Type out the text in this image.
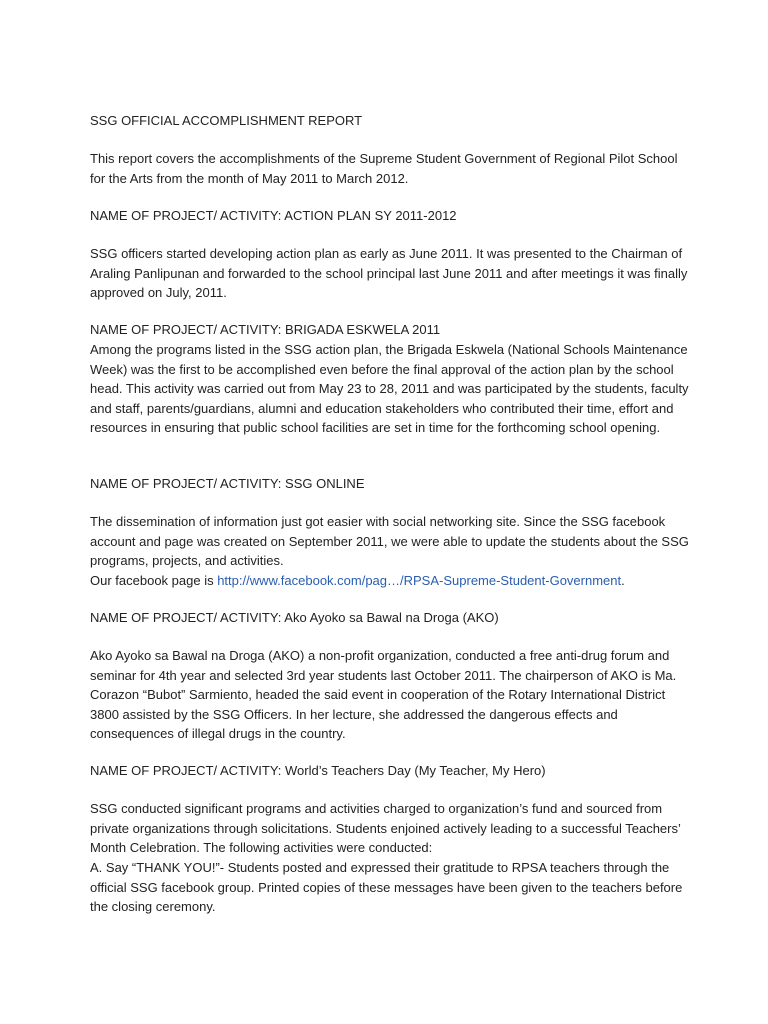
SSG OFFICIAL ACCOMPLISHMENT REPORT

This report covers the accomplishments of the Supreme Student Government of Regional Pilot School for the Arts from the month of May 2011 to March 2012.

NAME OF PROJECT/ ACTIVITY: ACTION PLAN SY 2011-2012

SSG officers started developing action plan as early as June 2011. It was presented to the Chairman of Araling Panlipunan and forwarded to the school principal last June 2011 and after meetings it was finally approved on July, 2011.

NAME OF PROJECT/ ACTIVITY: BRIGADA ESKWELA 2011

Among the programs listed in the SSG action plan, the Brigada Eskwela (National Schools Maintenance Week) was the first to be accomplished even before the final approval of the action plan by the school head. This activity was carried out from May 23 to 28, 2011 and was participated by the students, faculty and staff, parents/guardians, alumni and education stakeholders who contributed their time, effort and resources in ensuring that public school facilities are set in time for the forthcoming school opening.

NAME OF PROJECT/ ACTIVITY: SSG ONLINE

The dissemination of information just got easier with social networking site. Since the SSG facebook account and page was created on September 2011, we were able to update the students about the SSG programs, projects, and activities.

Our facebook page is http://www.facebook.com/pag…/RPSA-Supreme-Student-Government.

NAME OF PROJECT/ ACTIVITY: Ako Ayoko sa Bawal na Droga (AKO)

Ako Ayoko sa Bawal na Droga (AKO) a non-profit organization, conducted a free anti-drug forum and seminar for 4th year and selected 3rd year students last October 2011. The chairperson of AKO is Ma. Corazon “Bubot” Sarmiento, headed the said event in cooperation of the Rotary International District 3800 assisted by the SSG Officers. In her lecture, she addressed the dangerous effects and consequences of illegal drugs in the country.

NAME OF PROJECT/ ACTIVITY: World’s Teachers Day (My Teacher, My Hero)

SSG conducted significant programs and activities charged to organization’s fund and sourced from private organizations through solicitations. Students enjoined actively leading to a successful Teachers’ Month Celebration. The following activities were conducted:

A. Say “THANK YOU!”- Students posted and expressed their gratitude to RPSA teachers through the official SSG facebook group. Printed copies of these messages have been given to the teachers before the closing ceremony.
